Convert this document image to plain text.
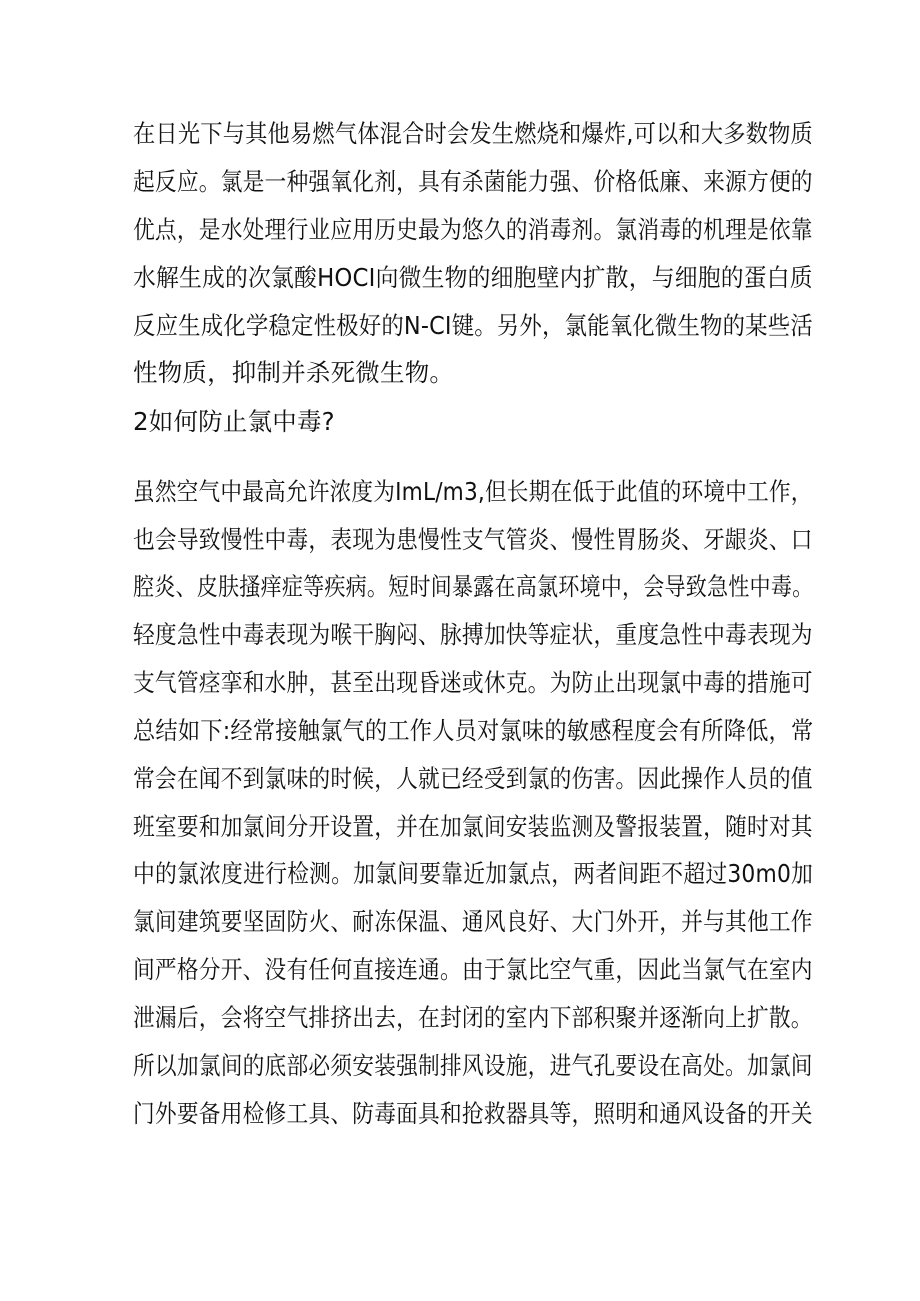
在日光下与其他易燃气体混合时会发生燃烧和爆炸,可以和大多数物质
起反应。氯是一种强氧化剂，具有杀菌能力强、价格低廉、来源方便的
优点，是水处理行业应用历史最为悠久的消毒剂。氯消毒的机理是依靠
水解生成的次氯酸HOCI向微生物的细胞壁内扩散，与细胞的蛋白质
反应生成化学稳定性极好的N-CI键。另外，氯能氧化微生物的某些活
性物质，抑制并杀死微生物。
2如何防止氯中毒?
虽然空气中最高允许浓度为ImL/m3,但长期在低于此值的环境中工作，
也会导致慢性中毒，表现为患慢性支气管炎、慢性胃肠炎、牙龈炎、口
腔炎、皮肤搔痒症等疾病。短时间暴露在高氯环境中，会导致急性中毒。
轻度急性中毒表现为喉干胸闷、脉搏加快等症状，重度急性中毒表现为
支气管痉挛和水肿，甚至出现昏迷或休克。为防止出现氯中毒的措施可
总结如下:经常接触氯气的工作人员对氯味的敏感程度会有所降低，常
常会在闻不到氯味的时候，人就已经受到氯的伤害。因此操作人员的值
班室要和加氯间分开设置，并在加氯间安装监测及警报装置，随时对其
中的氯浓度进行检测。加氯间要靠近加氯点，两者间距不超过30m0加
氯间建筑要坚固防火、耐冻保温、通风良好、大门外开，并与其他工作
间严格分开、没有任何直接连通。由于氯比空气重，因此当氯气在室内
泄漏后，会将空气排挤出去，在封闭的室内下部积聚并逐渐向上扩散。
所以加氯间的底部必须安装强制排风设施，进气孔要设在高处。加氯间
门外要备用检修工具、防毒面具和抢救器具等，照明和通风设备的开关
